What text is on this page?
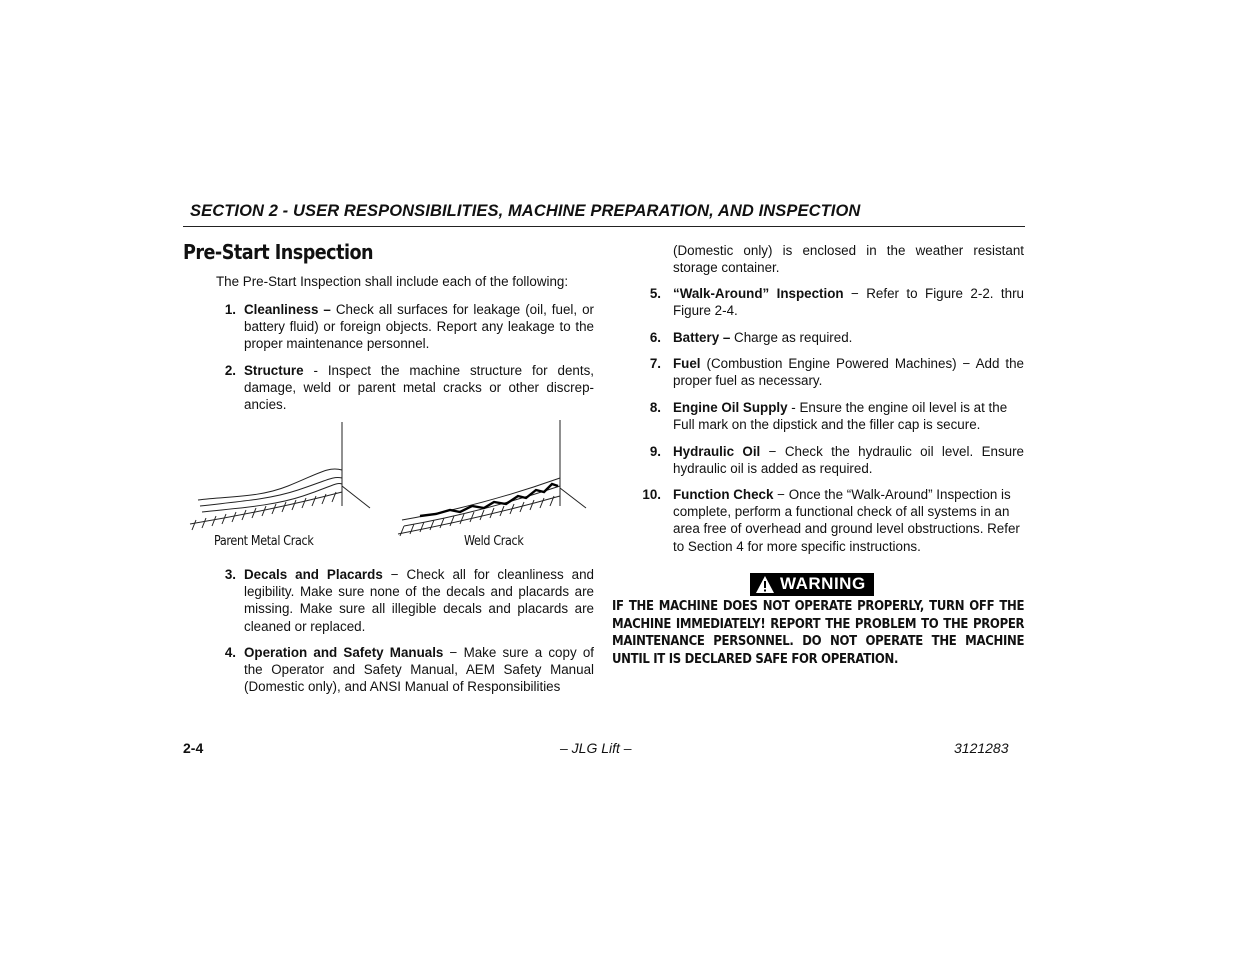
SECTION 2 - USER RESPONSIBILITIES, MACHINE PREPARATION, AND INSPECTION
Pre-Start Inspection
The Pre-Start Inspection shall include each of the following:
1. Cleanliness – Check all surfaces for leakage (oil, fuel, or battery fluid) or foreign objects. Report any leakage to the proper maintenance personnel.
2. Structure - Inspect the machine structure for dents, damage, weld or parent metal cracks or other discrep-ancies.
Parent Metal Crack	Weld Crack
3. Decals and Placards − Check all for cleanliness and legibility. Make sure none of the decals and placards are missing. Make sure all illegible decals and placards are cleaned or replaced.
4. Operation and Safety Manuals − Make sure a copy of the Operator and Safety Manual, AEM Safety Manual (Domestic only), and ANSI Manual of Responsibilities
(Domestic only) is enclosed in the weather resistant storage container.
5. “Walk-Around” Inspection − Refer to Figure 2-2. thru Figure 2-4.
6. Battery – Charge as required.
7. Fuel (Combustion Engine Powered Machines) − Add the proper fuel as necessary.
8. Engine Oil Supply - Ensure the engine oil level is at the Full mark on the dipstick and the filler cap is secure.
9. Hydraulic Oil − Check the hydraulic oil level. Ensure hydraulic oil is added as required.
10. Function Check − Once the “Walk-Around” Inspection is complete, perform a functional check of all systems in an area free of overhead and ground level obstructions. Refer to Section 4 for more specific instructions.
WARNING
IF THE MACHINE DOES NOT OPERATE PROPERLY, TURN OFF THE MACHINE IMMEDIATELY! REPORT THE PROBLEM TO THE PROPER MAINTENANCE PERSONNEL. DO NOT OPERATE THE MACHINE UNTIL IT IS DECLARED SAFE FOR OPERATION.
2-4	– JLG Lift –	3121283
